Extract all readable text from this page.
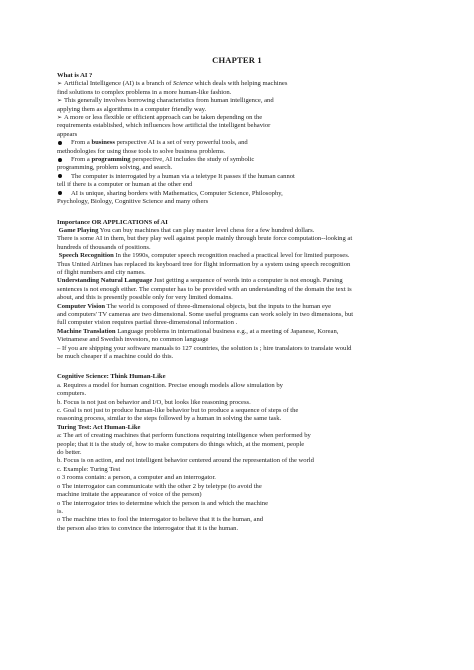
CHAPTER 1

What is AI ?

➢ Artificial Intelligence (AI) is a branch of Science which deals with helping machines

find solutions to complex problems in a more human-like fashion.

➢ This generally involves borrowing characteristics from human intelligence, and

applying them as algorithms in a computer friendly way.

➢ A more or less flexible or efficient approach can be taken depending on the

requirements established, which influences how artificial the intelligent behavior

appears

From a business perspective AI is a set of very powerful tools, and

methodologies for using those tools to solve business problems.

From a programming perspective, AI includes the study of symbolic

programming, problem solving, and search.

The computer is interrogated by a human via a teletype It passes if the human cannot

tell if there is a computer or human at the other end

AI is unique, sharing borders with Mathematics, Computer Science, Philosophy,

Psychology, Biology, Cognitive Science and many others

Importance OR APPLICATIONS of AI

Game Playing You can buy machines that can play master level chess for a few hundred dollars.

There is some AI in them, but they play well against people mainly through brute force computation--looking at

hundreds of thousands of positions.

Speech Recognition In the 1990s, computer speech recognition reached a practical level for limited purposes.

Thus United Airlines has replaced its keyboard tree for flight information by a system using speech recognition

of flight numbers and city names.

Understanding Natural Language Just getting a sequence of words into a computer is not enough. Parsing

sentences is not enough either. The computer has to be provided with an understanding of the domain the text is

about, and this is presently possible only for very limited domains.

Computer Vision The world is composed of three-dimensional objects, but the inputs to the human eye

and computers' TV cameras are two dimensional. Some useful programs can work solely in two dimensions, but

full computer vision requires partial three-dimensional information .

Machine Translation Language problems in international business e.g., at a meeting of Japanese, Korean,

Vietnamese and Swedish investors, no common language

– If you are shipping your software manuals to 127 countries, the solution is ; hire translators to translate would

be much cheaper if a machine could do this.

Cognitive Science: Think Human-Like

a. Requires a model for human cognition. Precise enough models allow simulation by

computers.

b. Focus is not just on behavior and I/O, but looks like reasoning process.

c. Goal is not just to produce human-like behavior but to produce a sequence of steps of the

reasoning process, similar to the steps followed by a human in solving the same task.

Turing Test: Act Human-Like

a: The art of creating machines that perform functions requiring intelligence when performed by

people; that it is the study of, how to make computers do things which, at the moment, people

do better.

b. Focus is on action, and not intelligent behavior centered around the representation of the world

c. Example: Turing Test

o 3 rooms contain: a person, a computer and an interrogator.

o The interrogator can communicate with the other 2 by teletype (to avoid the

machine imitate the appearance of voice of the person)

o The interrogator tries to determine which the person is and which the machine

is.

o The machine tries to fool the interrogator to believe that it is the human, and

the person also tries to convince the interrogator that it is the human.
